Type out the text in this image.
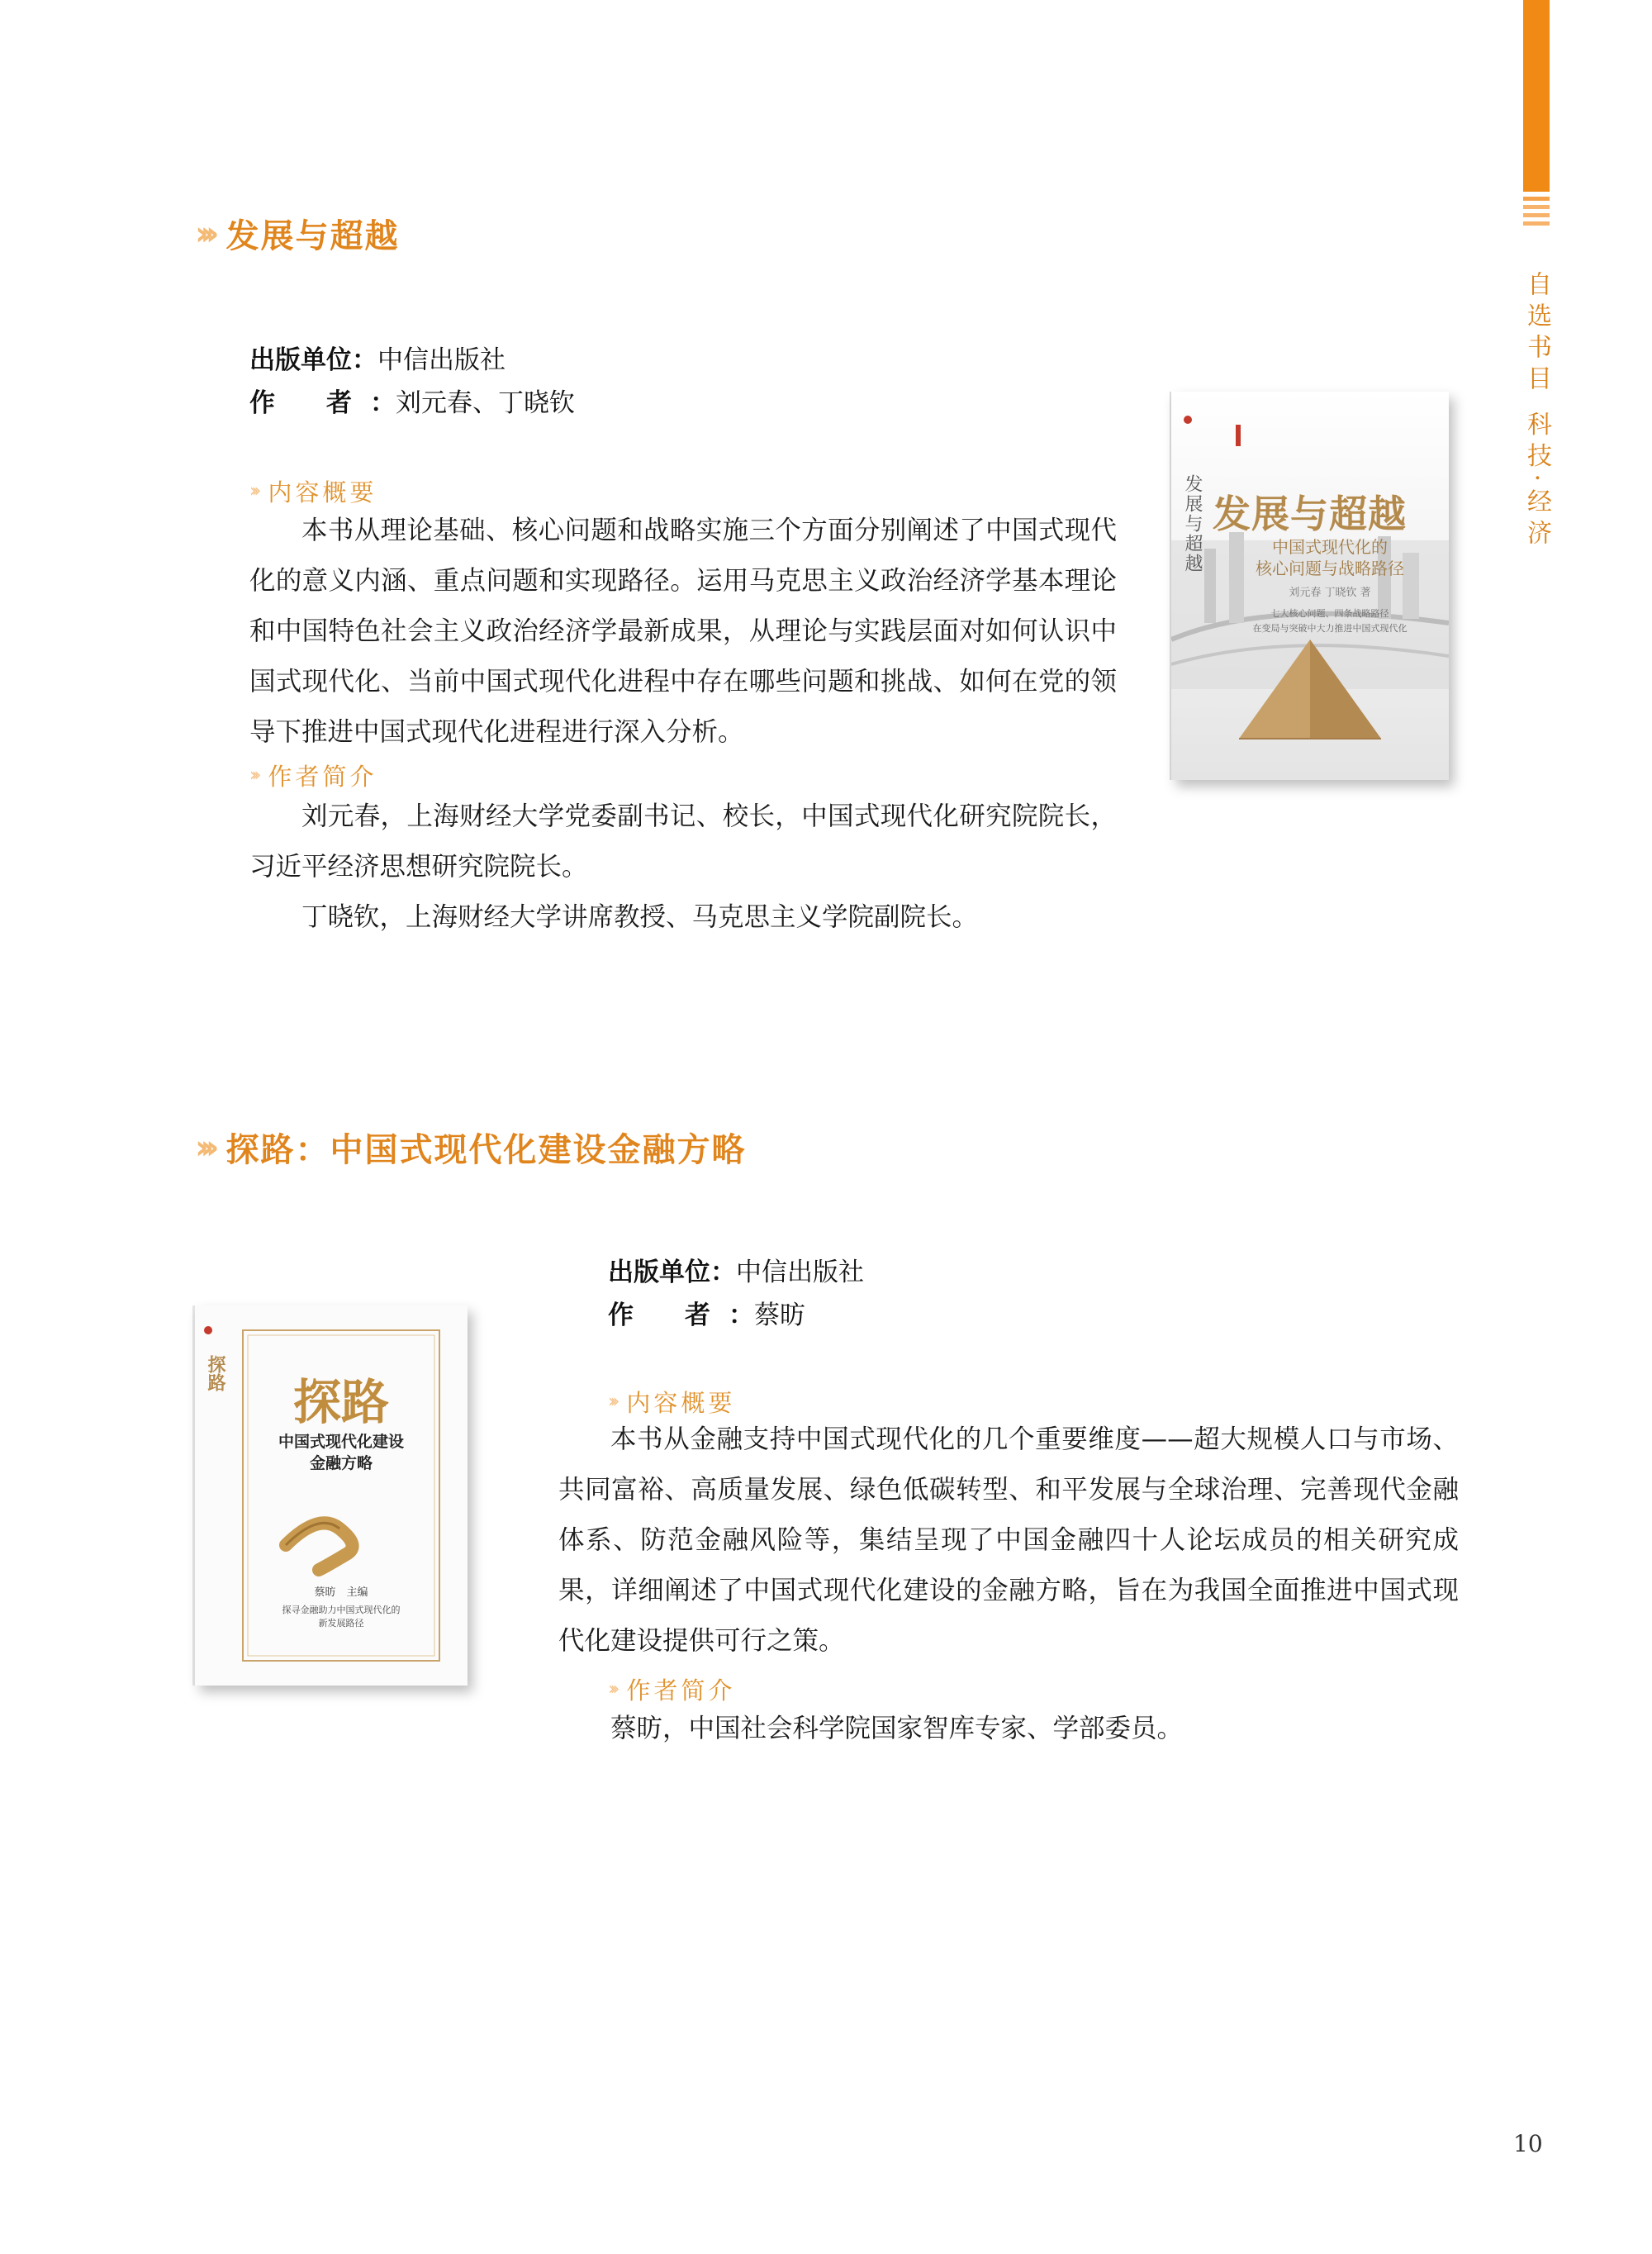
自选书目 科技·经济
››› 发展与超越
出版单位：中信出版社
作　　者 ：刘元春、丁晓钦
››› 内容概要

本书从理论基础、核心问题和战略实施三个方面分别阐述了中国式现代化的意义内涵、重点问题和实现路径。运用马克思主义政治经济学基本理论和中国特色社会主义政治经济学最新成果，从理论与实践层面对如何认识中国式现代化、当前中国式现代化进程中存在哪些问题和挑战、如何在党的领导下推进中国式现代化进程进行深入分析。

››› 作者简介

刘元春，上海财经大学党委副书记、校长，中国式现代化研究院院长，习近平经济思想研究院院长。

丁晓钦，上海财经大学讲席教授、马克思主义学院副院长。

发展与超越 发展与超越
中国式现代化的
核心问题与战略路径
刘元春 丁晓钦 著
七大核心问题、四条战略路径
在变局与突破中大力推进中国式现代化
››› 探路：中国式现代化建设金融方略
出版单位：中信出版社
作　　者 ：蔡昉
››› 内容概要

本书从金融支持中国式现代化的几个重要维度——超大规模人口与市场、共同富裕、高质量发展、绿色低碳转型、和平发展与全球治理、完善现代金融体系、防范金融风险等，集结呈现了中国金融四十人论坛成员的相关研究成果，详细阐述了中国式现代化建设的金融方略，旨在为我国全面推进中国式现代化建设提供可行之策。

››› 作者简介

蔡昉，中国社会科学院国家智库专家、学部委员。

探路
探路
中国式现代化建设
金融方略
蔡昉　主编
探寻金融助力中国式现代化的
新发展路径
10
